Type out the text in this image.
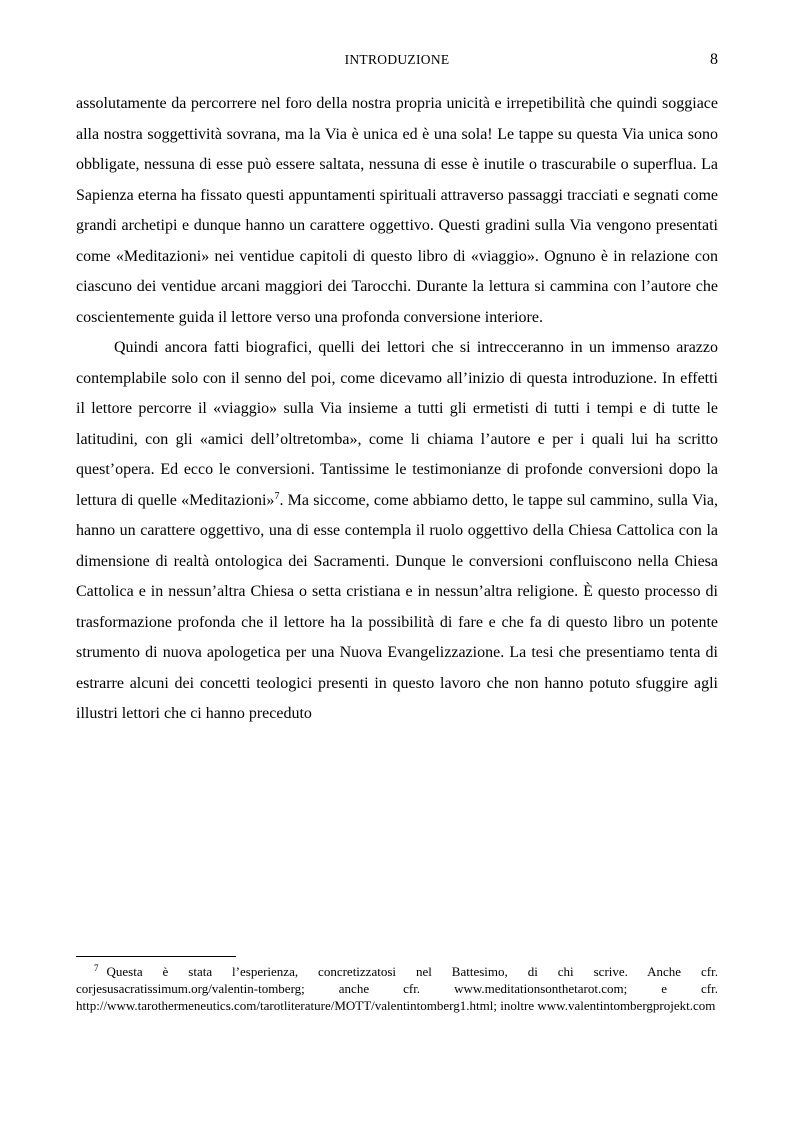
INTRODUZIONE	8

assolutamente da percorrere nel foro della nostra propria unicità e irrepetibilità che quindi soggiace alla nostra soggettività sovrana, ma la Via è unica ed è una sola! Le tappe su questa Via unica sono obbligate, nessuna di esse può essere saltata, nessuna di esse è inutile o trascurabile o superflua. La Sapienza eterna ha fissato questi appuntamenti spirituali attraverso passaggi tracciati e segnati come grandi archetipi e dunque hanno un carattere oggettivo. Questi gradini sulla Via vengono presentati come «Meditazioni» nei ventidue capitoli di questo libro di «viaggio». Ognuno è in relazione con ciascuno dei ventidue arcani maggiori dei Tarocchi. Durante la lettura si cammina con l’autore che coscientemente guida il lettore verso una profonda conversione interiore.

Quindi ancora fatti biografici, quelli dei lettori che si intrecceranno in un immenso arazzo contemplabile solo con il senno del poi, come dicevamo all’inizio di questa introduzione. In effetti il lettore percorre il «viaggio» sulla Via insieme a tutti gli ermetisti di tutti i tempi e di tutte le latitudini, con gli «amici dell’oltretomba», come li chiama l’autore e per i quali lui ha scritto quest’opera. Ed ecco le conversioni. Tantissime le testimonianze di profonde conversioni dopo la lettura di quelle «Meditazioni»$^7$. Ma siccome, come abbiamo detto, le tappe sul cammino, sulla Via, hanno un carattere oggettivo, una di esse contempla il ruolo oggettivo della Chiesa Cattolica con la dimensione di realtà ontologica dei Sacramenti. Dunque le conversioni confluiscono nella Chiesa Cattolica e in nessun’altra Chiesa o setta cristiana e in nessun’altra religione. È questo processo di trasformazione profonda che il lettore ha la possibilità di fare e che fa di questo libro un potente strumento di nuova apologetica per una Nuova Evangelizzazione. La tesi che presentiamo tenta di estrarre alcuni dei concetti teologici presenti in questo lavoro che non hanno potuto sfuggire agli illustri lettori che ci hanno preceduto

7 Questa è stata l’esperienza, concretizzatosi nel Battesimo, di chi scrive. Anche cfr. corjesusacratissimum.org/valentin-tomberg; anche cfr. www.meditationsonthetarot.com; e cfr. http://www.tarothermeneutics.com/tarotliterature/MOTT/valentintomberg1.html; inoltre www.valentintombergprojekt.com
